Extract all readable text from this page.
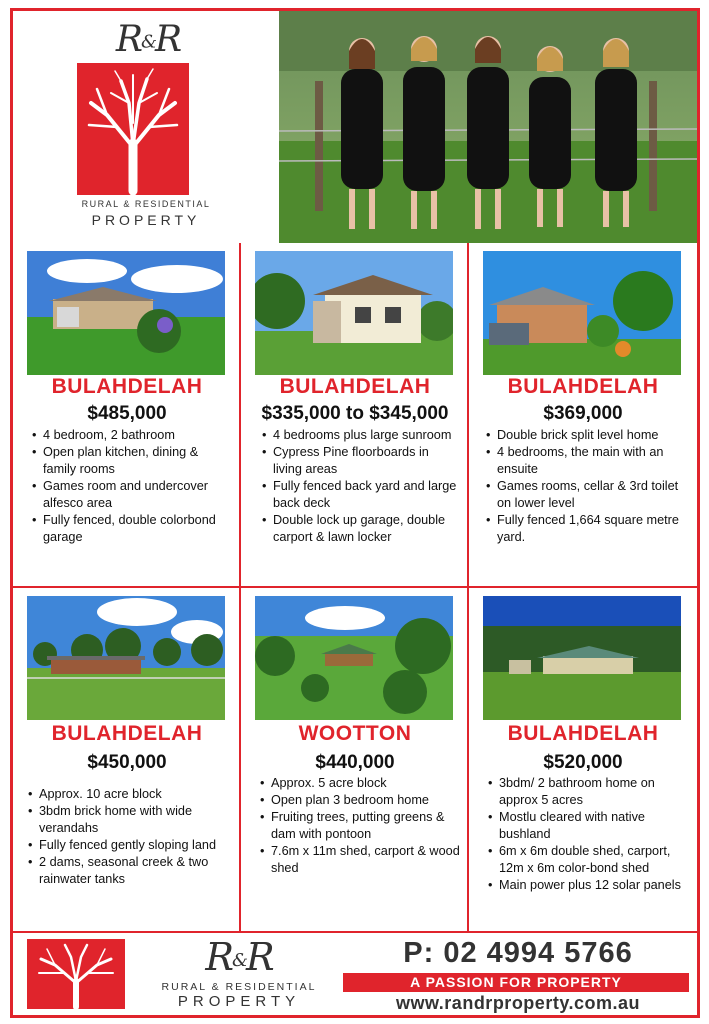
R&R
RURAL & RESIDENTIAL
PROPERTY
BULAHDELAH
$485,000
• 4 bedroom, 2 bathroom
• Open plan kitchen, dining & family rooms
• Games room and undercover alfesco area
• Fully fenced, double colorbond garage
BULAHDELAH
$335,000 to $345,000
• 4 bedrooms plus large sunroom
• Cypress Pine floorboards in living areas
• Fully fenced back yard and large back deck
• Double lock up garage, double carport & lawn locker
BULAHDELAH
$369,000
• Double brick split level home
• 4 bedrooms, the main with an ensuite
• Games rooms, cellar & 3rd toilet on lower level
• Fully fenced 1,664 square metre yard.
BULAHDELAH
$450,000
• Approx. 10 acre block
• 3bdm brick home with wide verandahs
• Fully fenced gently sloping land
• 2 dams, seasonal creek & two rainwater tanks
WOOTTON
$440,000
• Approx. 5 acre block
• Open plan 3 bedroom home
• Fruiting trees, putting greens & dam with pontoon
• 7.6m x 11m shed, carport & wood shed
BULAHDELAH
$520,000
• 3bdm/ 2 bathroom home on approx 5 acres
• Mostlu cleared with native bushland
• 6m x 6m double shed, carport, 12m x 6m color-bond shed
• Main power plus 12 solar panels
R&R
RURAL & RESIDENTIAL
PROPERTY
P: 02 4994 5766
A PASSION FOR PROPERTY
www.randrproperty.com.au
